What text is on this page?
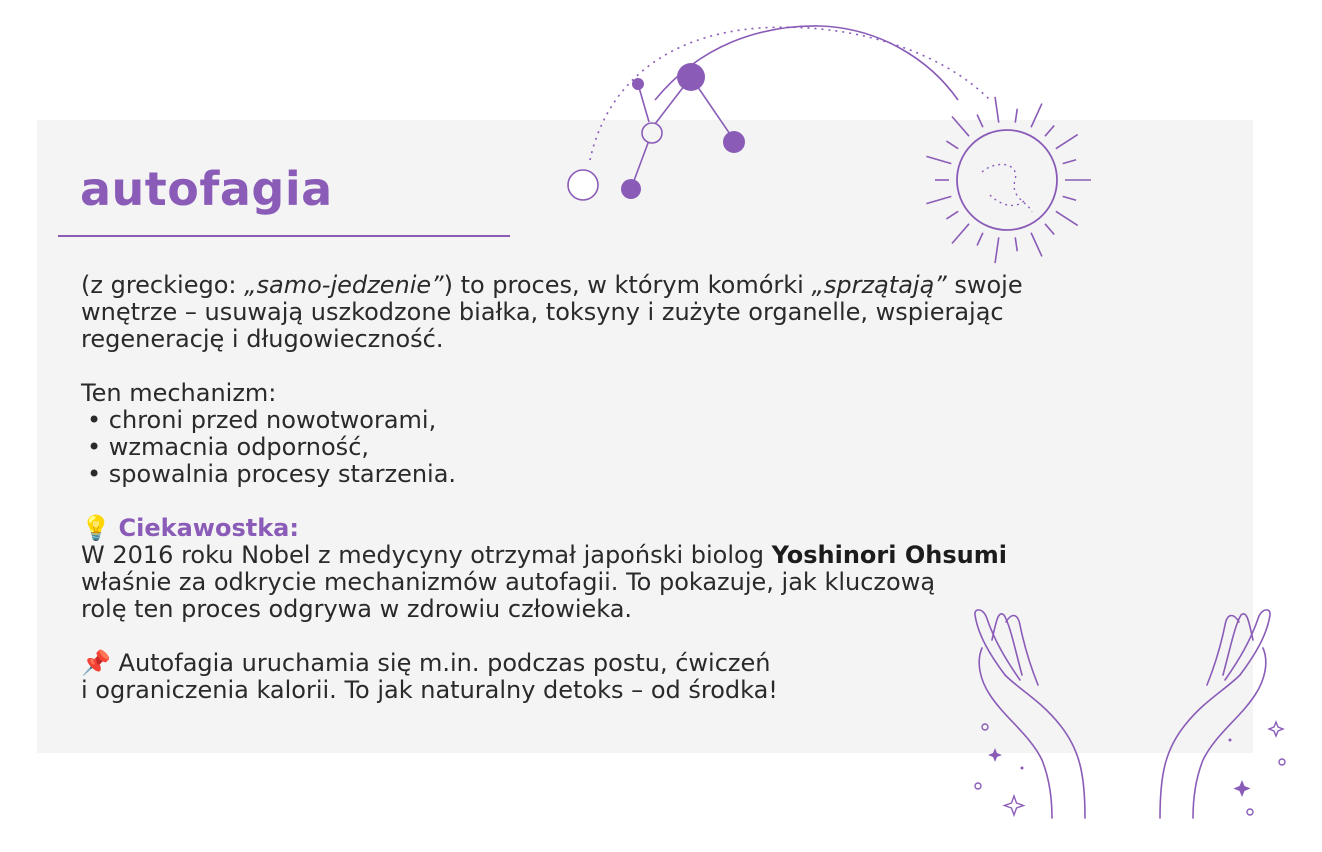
autofagia

(z greckiego: „samo-jedzenie”) to proces, w którym komórki „sprzątają” swoje

wnętrze – usuwają uszkodzone białka, toksyny i zużyte organelle, wspierając

regenerację i długowieczność.

Ten mechanizm:

• chroni przed nowotworami,

• wzmacnia odporność,

• spowalnia procesy starzenia.

💡 Ciekawostka:

W 2016 roku Nobel z medycyny otrzymał japoński biolog Yoshinori Ohsumi

właśnie za odkrycie mechanizmów autofagii. To pokazuje, jak kluczową

rolę ten proces odgrywa w zdrowiu człowieka.

📌 Autofagia uruchamia się m.in. podczas postu, ćwiczeń

i ograniczenia kalorii. To jak naturalny detoks – od środka!
